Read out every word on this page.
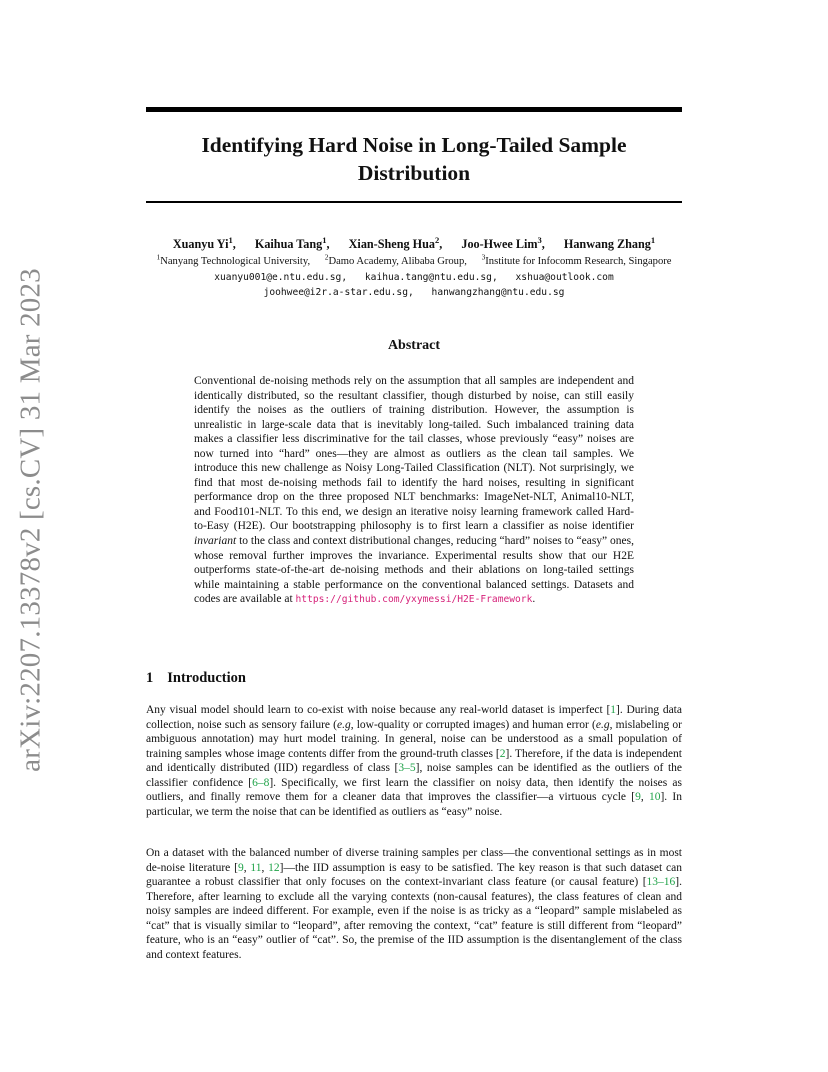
arXiv:2207.13378v2 [cs.CV] 31 Mar 2023
Identifying Hard Noise in Long-Tailed Sample Distribution
Xuanyu Yi$^1$, Kaihua Tang$^1$, Xian-Sheng Hua$^2$, Joo-Hwee Lim$^3$, Hanwang Zhang$^1$
$^1$Nanyang Technological University, $^2$Damo Academy, Alibaba Group, $^3$Institute for Infocomm Research, Singapore
xuanyu001@e.ntu.edu.sg, kaihua.tang@ntu.edu.sg, xshua@outlook.com
joohwee@i2r.a-star.edu.sg, hanwangzhang@ntu.edu.sg
Abstract

Conventional de-noising methods rely on the assumption that all samples are independent and identically distributed, so the resultant classifier, though disturbed by noise, can still easily identify the noises as the outliers of training distribution. However, the assumption is unrealistic in large-scale data that is inevitably long-tailed. Such imbalanced training data makes a classifier less discriminative for the tail classes, whose previously “easy” noises are now turned into “hard” ones—they are almost as outliers as the clean tail samples. We introduce this new challenge as Noisy Long-Tailed Classification (NLT). Not surprisingly, we find that most de-noising methods fail to identify the hard noises, resulting in significant performance drop on the three proposed NLT benchmarks: ImageNet-NLT, Animal10-NLT, and Food101-NLT. To this end, we design an iterative noisy learning framework called Hard-to-Easy (H2E). Our bootstrapping philosophy is to first learn a classifier as noise identifier invariant to the class and context distributional changes, reducing “hard” noises to “easy” ones, whose removal further improves the invariance. Experimental results show that our H2E outperforms state-of-the-art de-noising methods and their ablations on long-tailed settings while maintaining a stable performance on the conventional balanced settings. Datasets and codes are available at https://github.com/yxymessi/H2E-Framework.

1 Introduction

Any visual model should learn to co-exist with noise because any real-world dataset is imperfect [1]. During data collection, noise such as sensory failure (e.g, low-quality or corrupted images) and human error (e.g, mislabeling or ambiguous annotation) may hurt model training. In general, noise can be understood as a small population of training samples whose image contents differ from the ground-truth classes [2]. Therefore, if the data is independent and identically distributed (IID) regardless of class [3–5], noise samples can be identified as the outliers of the classifier confidence [6–8]. Specifically, we first learn the classifier on noisy data, then identify the noises as outliers, and finally remove them for a cleaner data that improves the classifier—a virtuous cycle [9, 10]. In particular, we term the noise that can be identified as outliers as “easy” noise.

On a dataset with the balanced number of diverse training samples per class—the conventional settings as in most de-noise literature [9, 11, 12]—the IID assumption is easy to be satisfied. The key reason is that such dataset can guarantee a robust classifier that only focuses on the context-invariant class feature (or causal feature) [13–16]. Therefore, after learning to exclude all the varying contexts (non-causal features), the class features of clean and noisy samples are indeed different. For example, even if the noise is as tricky as a “leopard” sample mislabeled as “cat” that is visually similar to “leopard”, after removing the context, “cat” feature is still different from “leopard” feature, who is an “easy” outlier of “cat”. So, the premise of the IID assumption is the disentanglement of the class and context features.
